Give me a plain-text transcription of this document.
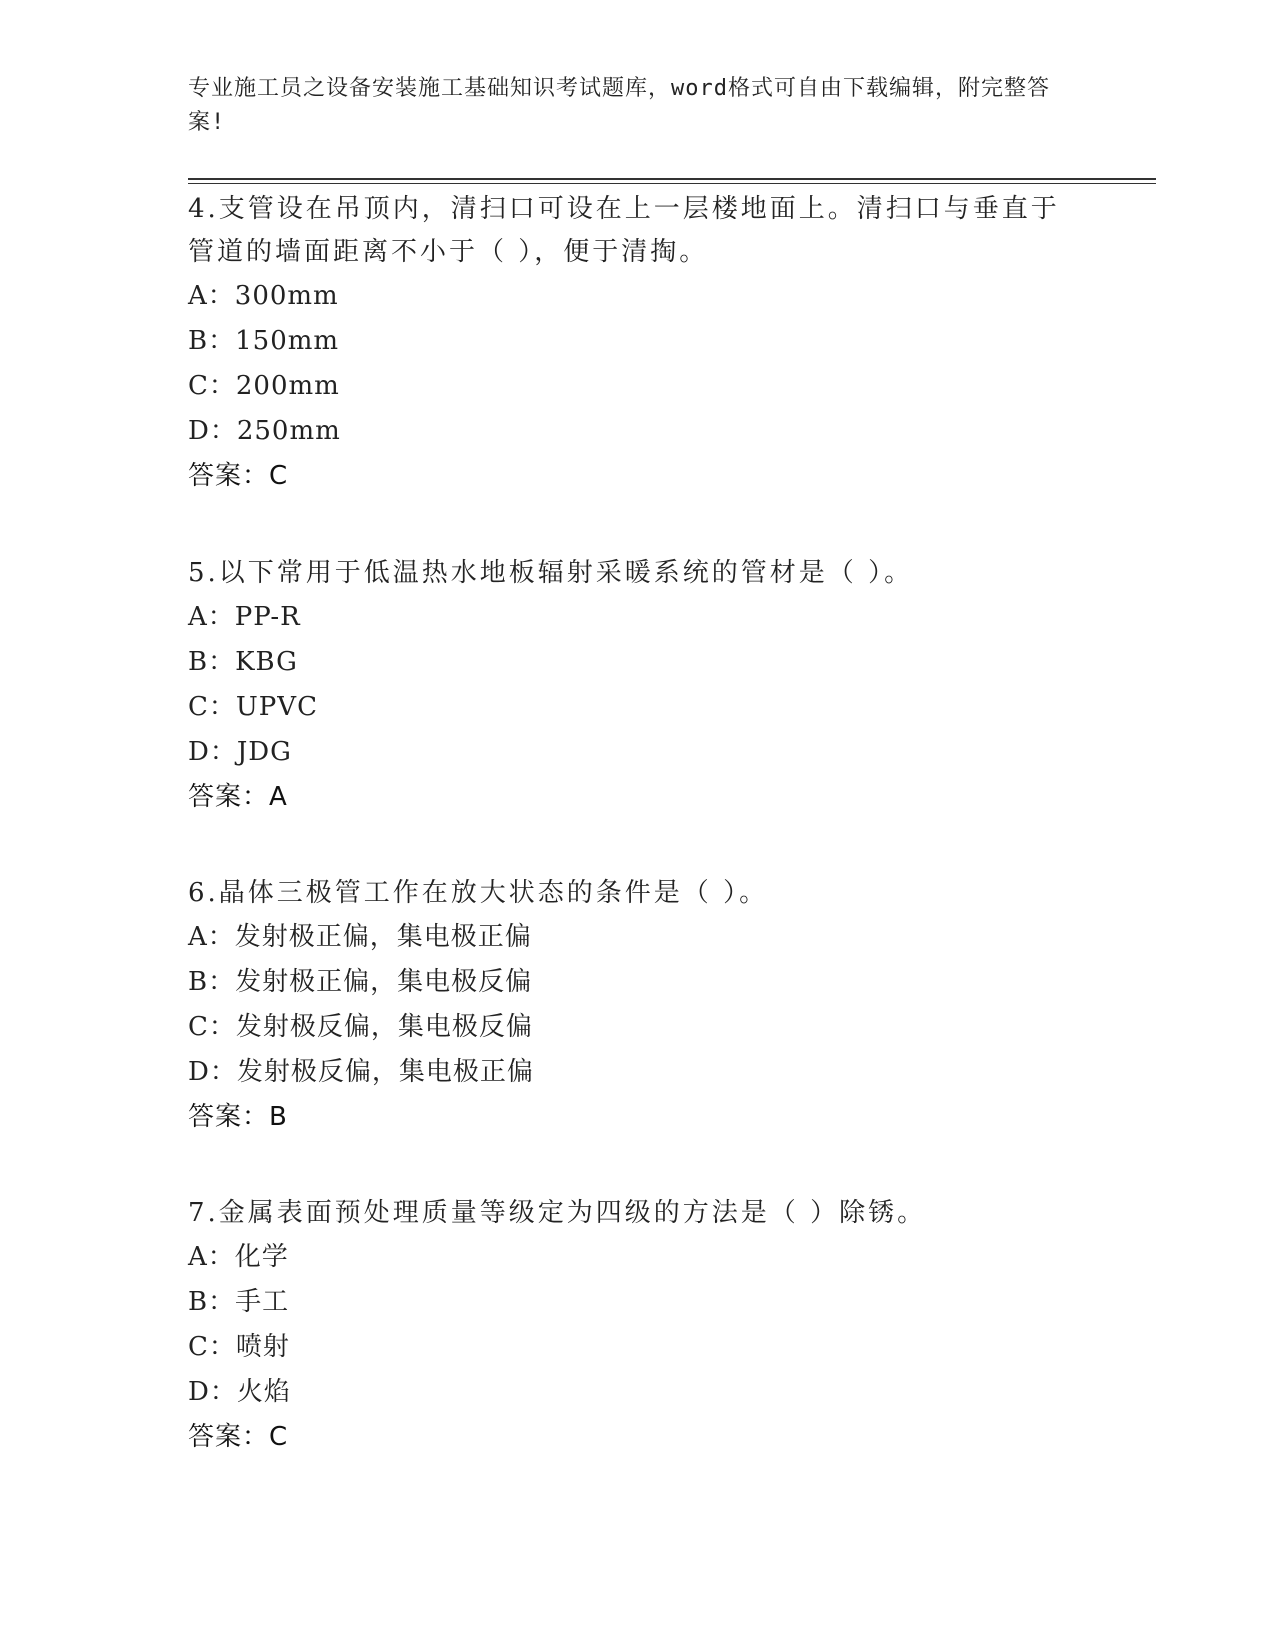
专业施工员之设备安装施工基础知识考试题库，word格式可自由下载编辑，附完整答案!

4.支管设在吊顶内，清扫口可设在上一层楼地面上。清扫口与垂直于管道的墙面距离不小于（ ），便于清掏。

A：300mm

B：150mm

C：200mm

D：250mm

答案：C

5.以下常用于低温热水地板辐射采暖系统的管材是（ ）。

A：PP-R

B：KBG

C：UPVC

D：JDG

答案：A

6.晶体三极管工作在放大状态的条件是（ ）。

A：发射极正偏，集电极正偏

B：发射极正偏，集电极反偏

C：发射极反偏，集电极反偏

D：发射极反偏，集电极正偏

答案：B

7.金属表面预处理质量等级定为四级的方法是（ ）除锈。

A：化学

B：手工

C：喷射

D：火焰

答案：C
